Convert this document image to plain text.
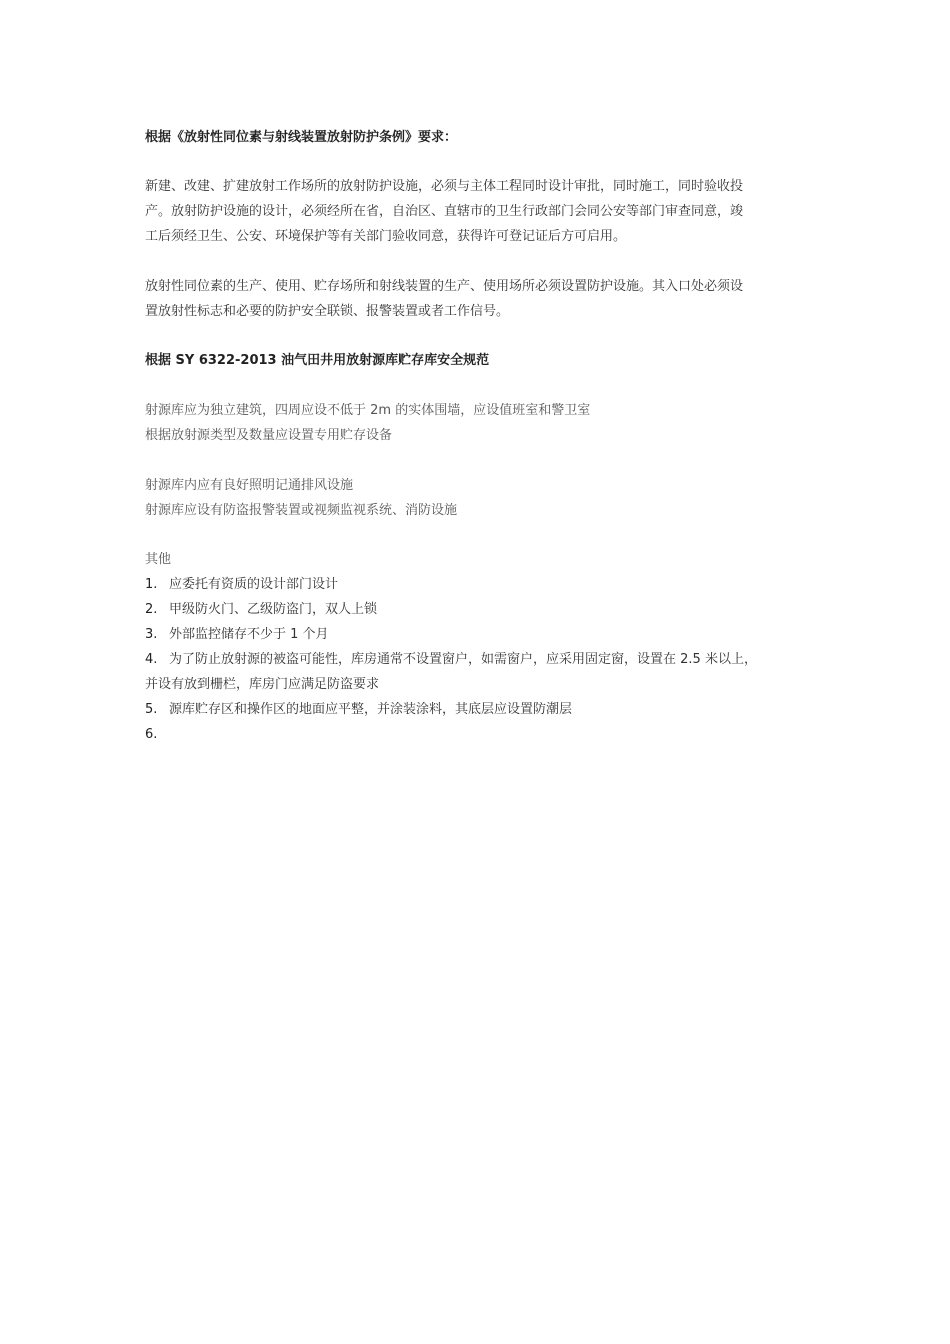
根据《放射性同位素与射线装置放射防护条例》要求：
新建、改建、扩建放射工作场所的放射防护设施，必须与主体工程同时设计审批，同时施工，同时验收投
产。放射防护设施的设计，必须经所在省，自治区、直辖市的卫生行政部门会同公安等部门审查同意，竣
工后须经卫生、公安、环境保护等有关部门验收同意，获得许可登记证后方可启用。
放射性同位素的生产、使用、贮存场所和射线装置的生产、使用场所必须设置防护设施。其入口处必须设
置放射性标志和必要的防护安全联锁、报警装置或者工作信号。
根据 SY 6322-2013 油气田井用放射源库贮存库安全规范
射源库应为独立建筑，四周应设不低于 2m 的实体围墙，应设值班室和警卫室
根据放射源类型及数量应设置专用贮存设备
射源库内应有良好照明记通排风设施
射源库应设有防盗报警装置或视频监视系统、消防设施
其他
1. 应委托有资质的设计部门设计
2. 甲级防火门、乙级防盗门，双人上锁
3. 外部监控储存不少于 1 个月
4. 为了防止放射源的被盗可能性，库房通常不设置窗户，如需窗户，应采用固定窗，设置在 2.5 米以上，
并设有放到栅栏，库房门应满足防盗要求
5. 源库贮存区和操作区的地面应平整，并涂装涂料，其底层应设置防潮层
6.
